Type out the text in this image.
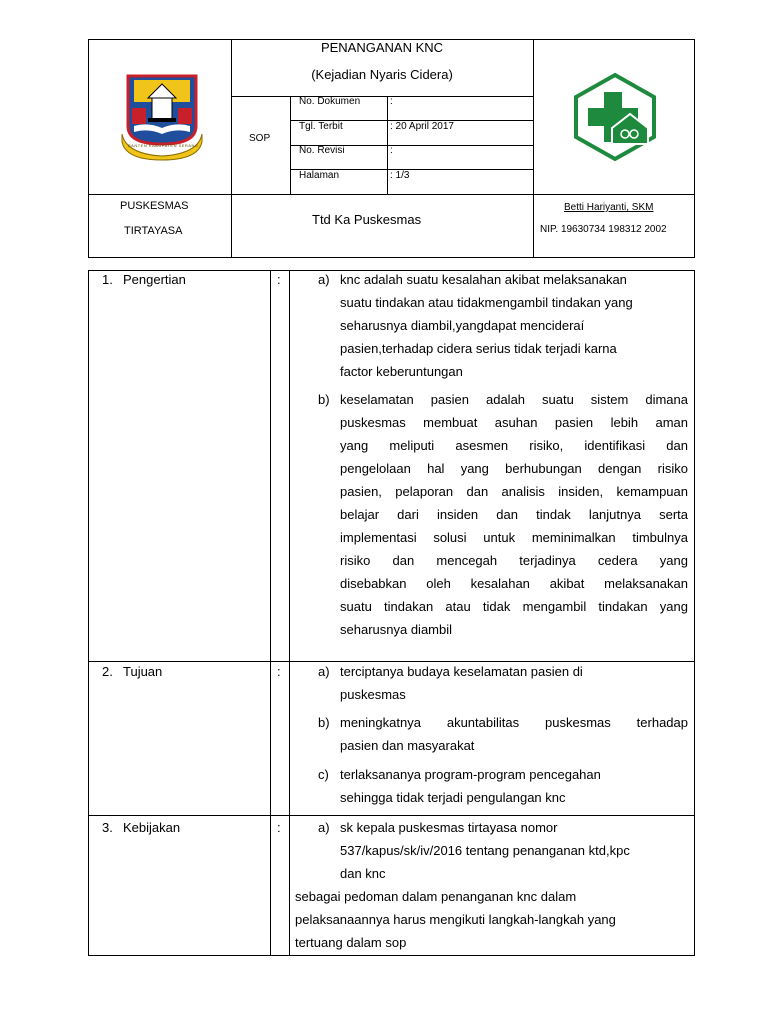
BANTEN KABUPATEN SERANG
PENANGANAN KNC
(Kejadian Nyaris Cidera)
SOP
No. Dokumen	:
Tgl. Terbit	: 20 April 2017
No. Revisi	:
Halaman	: 1/3
PUSKESMAS
TIRTAYASA
Ttd Ka Puskesmas
Betti Hariyanti, SKM
NIP. 19630734 198312 2002
1. Pengertian	:	a) knc adalah suatu kesalahan akibat melaksanakan

suatu tindakan atau tidakmengambil tindakan yang

seharusnya diambil,yangdapat mencideraí

pasien,terhadap cidera serius tidak terjadi karna

factor keberuntungan

b) keselamatan pasien adalah suatu sistem dimana

puskesmas membuat asuhan pasien lebih aman

yang meliputi asesmen risiko, identifikasi dan

pengelolaan hal yang berhubungan dengan risiko

pasien, pelaporan dan analisis insiden, kemampuan

belajar dari insiden dan tindak lanjutnya serta

implementasi solusi untuk meminimalkan timbulnya

risiko dan mencegah terjadinya cedera yang

disebabkan oleh kesalahan akibat melaksanakan

suatu tindakan atau tidak mengambil tindakan yang

seharusnya diambil

2. Tujuan	:	a) terciptanya budaya keselamatan pasien di

puskesmas

b) meningkatnya akuntabilitas puskesmas terhadap

pasien dan masyarakat

c) terlaksananya program-program pencegahan

sehingga tidak terjadi pengulangan knc

3. Kebijakan	:	a) sk kepala puskesmas tirtayasa nomor

537/kapus/sk/iv/2016 tentang penanganan ktd,kpc

dan knc

sebagai pedoman dalam penanganan knc dalam

pelaksanaannya harus mengikuti langkah-langkah yang

tertuang dalam sop
